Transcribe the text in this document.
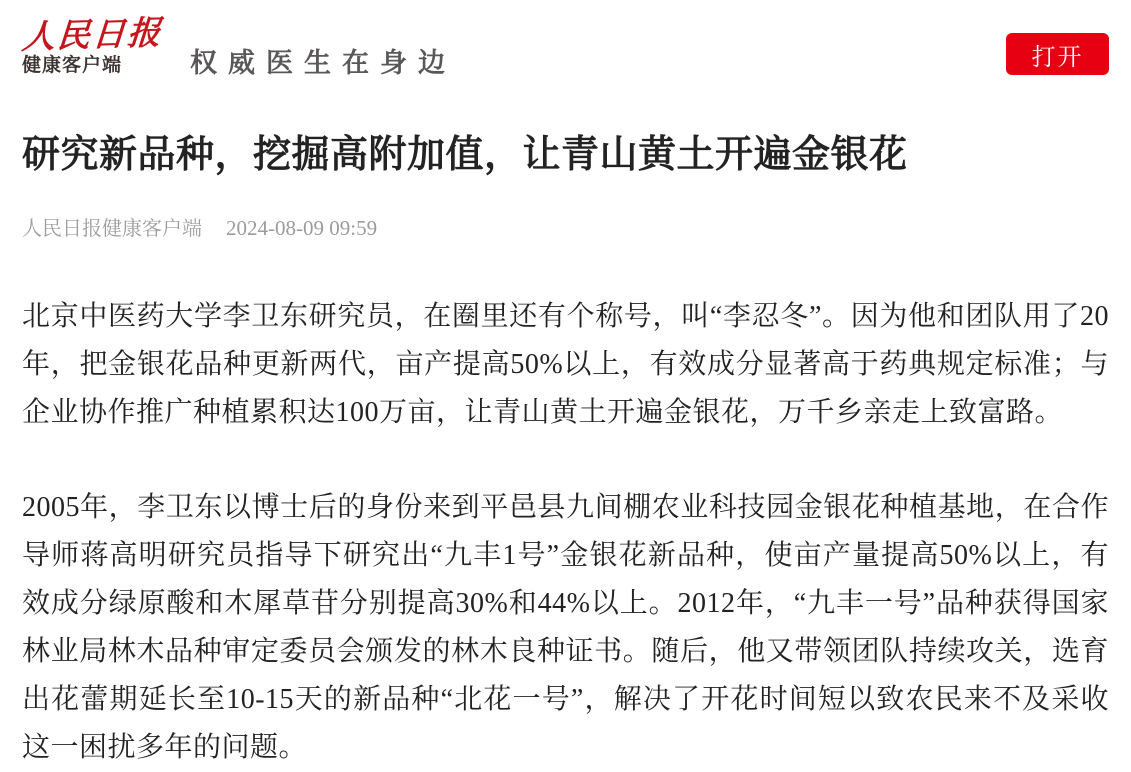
人民日报
健康客户端	权威医生在身边	打开
研究新品种，挖掘高附加值，让青山黄土开遍金银花
人民日报健康客户端 2024-08-09 09:59

北京中医药大学李卫东研究员，在圈里还有个称号，叫“李忍冬”。因为他和团队用了20年，把金银花品种更新两代，亩产提高50%以上，有效成分显著高于药典规定标准；与企业协作推广种植累积达100万亩，让青山黄土开遍金银花，万千乡亲走上致富路。

2005年，李卫东以博士后的身份来到平邑县九间棚农业科技园金银花种植基地，在合作导师蒋高明研究员指导下研究出“九丰1号”金银花新品种，使亩产量提高50%以上，有效成分绿原酸和木犀草苷分别提高30%和44%以上。2012年，“九丰一号”品种获得国家林业局林木品种审定委员会颁发的林木良种证书。随后，他又带领团队持续攻关，选育出花蕾期延长至10-15天的新品种“北花一号”，解决了开花时间短以致农民来不及采收这一困扰多年的问题。
